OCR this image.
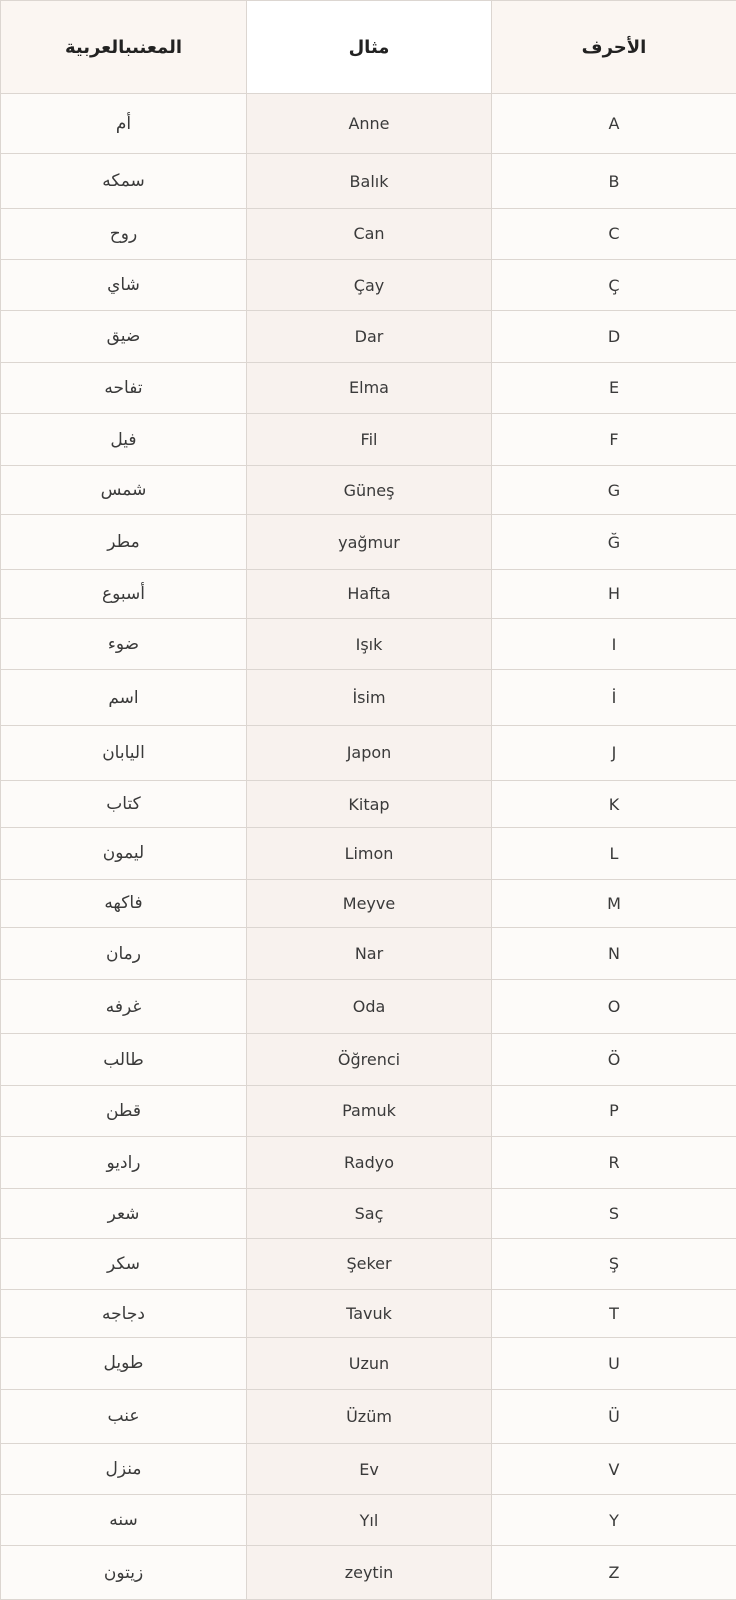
الأحرف	مثال	المعنىبالعربية
A	Anne	أم
B	Balık	سمكه
C	Can	روح
Ç	Çay	شاي
D	Dar	ضيق
E	Elma	تفاحه
F	Fil	فيل
G	Güneş	شمس
Ğ	yağmur	مطر
H	Hafta	أسبوع
I	Işık	ضوء
İ	İsim	اسم
J	Japon	اليابان
K	Kitap	كتاب
L	Limon	ليمون
M	Meyve	فاكهه
N	Nar	رمان
O	Oda	غرفه
Ö	Öğrenci	طالب
P	Pamuk	قطن
R	Radyo	راديو
S	Saç	شعر
Ş	Şeker	سكر
T	Tavuk	دجاجه
U	Uzun	طويل
Ü	Üzüm	عنب
V	Ev	منزل
Y	Yıl	سنه
Z	zeytin	زيتون
